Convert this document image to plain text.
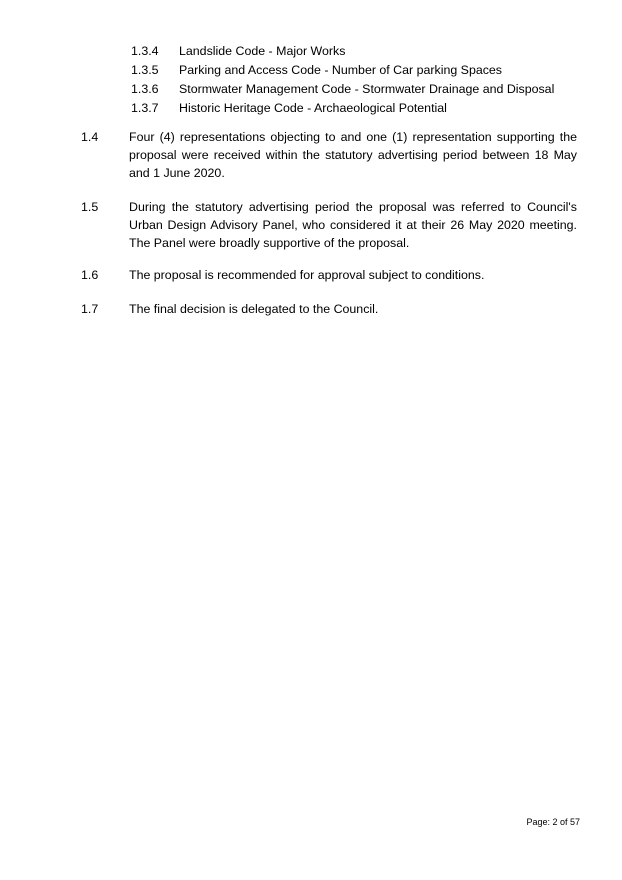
1.3.4	Landslide Code - Major Works
1.3.5	Parking and Access Code - Number of Car parking Spaces
1.3.6	Stormwater Management Code - Stormwater Drainage and Disposal
1.3.7	Historic Heritage Code - Archaeological Potential
1.4	Four (4) representations objecting to and one (1) representation supporting the proposal were received within the statutory advertising period between 18 May and 1 June 2020.
1.5	During the statutory advertising period the proposal was referred to Council's Urban Design Advisory Panel, who considered it at their 26 May 2020 meeting. The Panel were broadly supportive of the proposal.
1.6	The proposal is recommended for approval subject to conditions.
1.7	The final decision is delegated to the Council.
Page: 2 of 57
